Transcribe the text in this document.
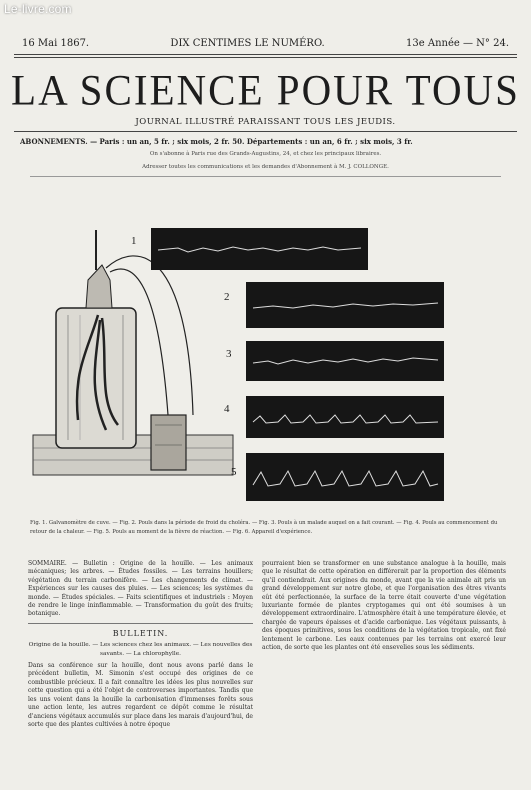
Le-livre.com
16 Mai 1867.	DIX CENTIMES LE NUMÉRO.	13e Année — N° 24.
LA SCIENCE POUR TOUS
JOURNAL ILLUSTRÉ PARAISSANT TOUS LES JEUDIS.
ABONNEMENTS. — Paris : un an, 5 fr. ; six mois, 2 fr. 50. Départements : un an, 6 fr. ; six mois, 3 fr.
On s'abonne à Paris rue des Grands-Augustins, 24, et chez les principaux libraires.
Adresser toutes les communications et les demandes d'Abonnement à M. J. COLLONGE.
1
2
3
4
5
Fig. 1. Galvanomètre de cuve. — Fig. 2. Pouls dans la période de froid du choléra. — Fig. 3. Pouls à un malade auquel on a fait courant. — Fig. 4. Pouls au commencement du retour de la chaleur. — Fig. 5. Pouls au moment de la fièvre de réaction. — Fig. 6. Appareil d'expérience.
SOMMAIRE. — Bulletin : Origine de la houille. — Les animaux mécaniques; les arbres. — Études fossiles. — Les terrains houillers; végétation du terrain carbonifère. — Les changements de climat. — Expériences sur les causes des pluies. — Les sciences; les systèmes du monde. — Études spéciales. — Faits scientifiques et industriels : Moyen de rendre le linge ininflammable. — Transformation du goût des fruits; botanique.
BULLETIN.
Origine de la houille. — Les sciences chez les animaux. — Les nouvelles des savants. — La chlorophylle.
Dans sa conférence sur la houille, dont nous avons parlé dans le précédent bulletin, M. Simonin s'est occupé des origines de ce combustible précieux. Il a fait connaître les idées les plus nouvelles sur cette question qui a été l'objet de controverses importantes. Tandis que les uns voient dans la houille la carbonisation d'immenses forêts sous une action lente, les autres regardent ce dépôt comme le résultat d'anciens végétaux accumulés sur place dans les marais d'aujourd'hui, de sorte que des plantes cultivées à notre époque
pourraient bien se transformer en une substance analogue à la houille, mais que le résultat de cette opération en différerait par la proportion des éléments qu'il contiendrait. Aux origines du monde, avant que la vie animale ait pris un grand développement sur notre globe, et que l'organisation des êtres vivants eût été perfectionnée, la surface de la terre était couverte d'une végétation luxuriante formée de plantes cryptogames qui ont été soumises à un développement extraordinaire. L'atmosphère était à une température élevée, et chargée de vapeurs épaisses et d'acide carbonique. Les végétaux puissants, à des époques primitives, sous les conditions de la végétation tropicale, ont fixé lentement le carbone. Les eaux contenues par les terrains ont exercé leur action, de sorte que les plantes ont été ensevelies sous les sédiments.
